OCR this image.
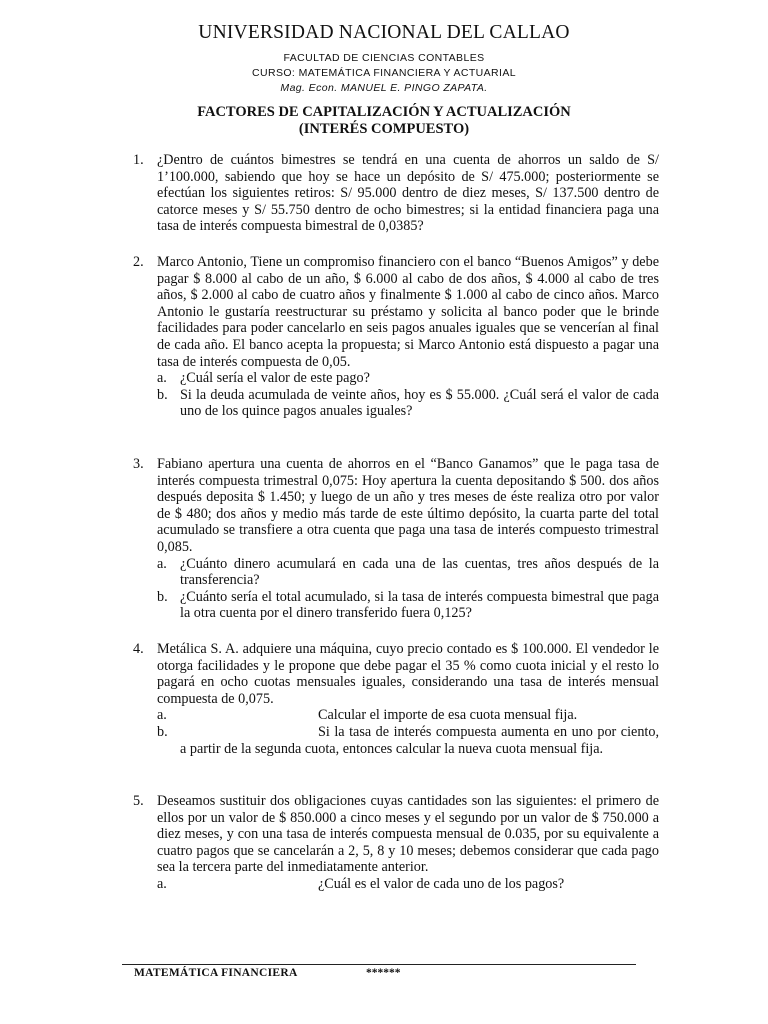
UNIVERSIDAD NACIONAL DEL CALLAO
FACULTAD DE CIENCIAS CONTABLES
CURSO: MATEMÁTICA FINANCIERA Y ACTUARIAL
Mag. Econ. MANUEL E. PINGO ZAPATA.
FACTORES DE CAPITALIZACIÓN Y ACTUALIZACIÓN
(INTERÉS COMPUESTO)
1. ¿Dentro de cuántos bimestres se tendrá en una cuenta de ahorros un saldo de S/ 1’100.000, sabiendo que hoy se hace un depósito de S/ 475.000; posteriormente se efectúan los siguientes retiros: S/ 95.000 dentro de diez meses, S/ 137.500 dentro de catorce meses y S/ 55.750 dentro de ocho bimestres; si la entidad financiera paga una tasa de interés compuesta bimestral de 0,0385?
2. Marco Antonio, Tiene un compromiso financiero con el banco “Buenos Amigos” y debe pagar $ 8.000 al cabo de un año, $ 6.000 al cabo de dos años, $ 4.000 al cabo de tres años, $ 2.000 al cabo de cuatro años y finalmente $ 1.000 al cabo de cinco años. Marco Antonio le gustaría reestructurar su préstamo y solicita al banco poder que le brinde facilidades para poder cancelarlo en seis pagos anuales iguales que se vencerían al final de cada año. El banco acepta la propuesta; si Marco Antonio está dispuesto a pagar una tasa de interés compuesta de 0,05.
a. ¿Cuál sería el valor de este pago?
b. Si la deuda acumulada de veinte años, hoy es $ 55.000. ¿Cuál será el valor de cada uno de los quince pagos anuales iguales?
3. Fabiano apertura una cuenta de ahorros en el “Banco Ganamos” que le paga tasa de interés compuesta trimestral 0,075: Hoy apertura la cuenta depositando $ 500. dos años después deposita $ 1.450; y luego de un año y tres meses de éste realiza otro por valor de $ 480; dos años y medio más tarde de este último depósito, la cuarta parte del total acumulado se transfiere a otra cuenta que paga una tasa de interés compuesto trimestral 0,085.
a. ¿Cuánto dinero acumulará en cada una de las cuentas, tres años después de la transferencia?
b. ¿Cuánto sería el total acumulado, si la tasa de interés compuesta bimestral que paga la otra cuenta por el dinero transferido fuera 0,125?
4. Metálica S. A. adquiere una máquina, cuyo precio contado es $ 100.000. El vendedor le otorga facilidades y le propone que debe pagar el 35 % como cuota inicial y el resto lo pagará en ocho cuotas mensuales iguales, considerando una tasa de interés mensual compuesta de 0,075.
a.	Calcular el importe de esa cuota mensual fija.
b.	Si la tasa de interés compuesta aumenta en uno por ciento, a partir de la segunda cuota, entonces calcular la nueva cuota mensual fija.
5. Deseamos sustituir dos obligaciones cuyas cantidades son las siguientes: el primero de ellos por un valor de $ 850.000 a cinco meses y el segundo por un valor de $ 750.000 a diez meses, y con una tasa de interés compuesta mensual de 0.035, por su equivalente a cuatro pagos que se cancelarán a 2, 5, 8 y 10 meses; debemos considerar que cada pago sea la tercera parte del inmediatamente anterior.
a.	¿Cuál es el valor de cada uno de los pagos?
MATEMÁTICA FINANCIERA	******
